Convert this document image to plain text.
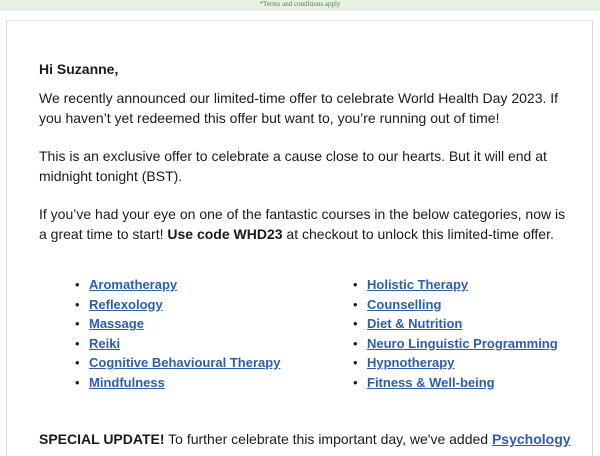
*Terms and conditions apply
Hi Suzanne,

We recently announced our limited-time offer to celebrate World Health Day 2023. If you haven’t yet redeemed this offer but want to, you’re running out of time!

This is an exclusive offer to celebrate a cause close to our hearts. But it will end at midnight tonight (BST).

If you’ve had your eye on one of the fantastic courses in the below categories, now is a great time to start! Use code WHD23 at checkout to unlock this limited-time offer.

• Aromatherapy
• Reflexology
• Massage
• Reiki
• Cognitive Behavioural Therapy
• Mindfulness
• Holistic Therapy
• Counselling
• Diet & Nutrition
• Neuro Linguistic Programming
• Hypnotherapy
• Fitness & Well-being
SPECIAL UPDATE! To further celebrate this important day, we've added Psychology
